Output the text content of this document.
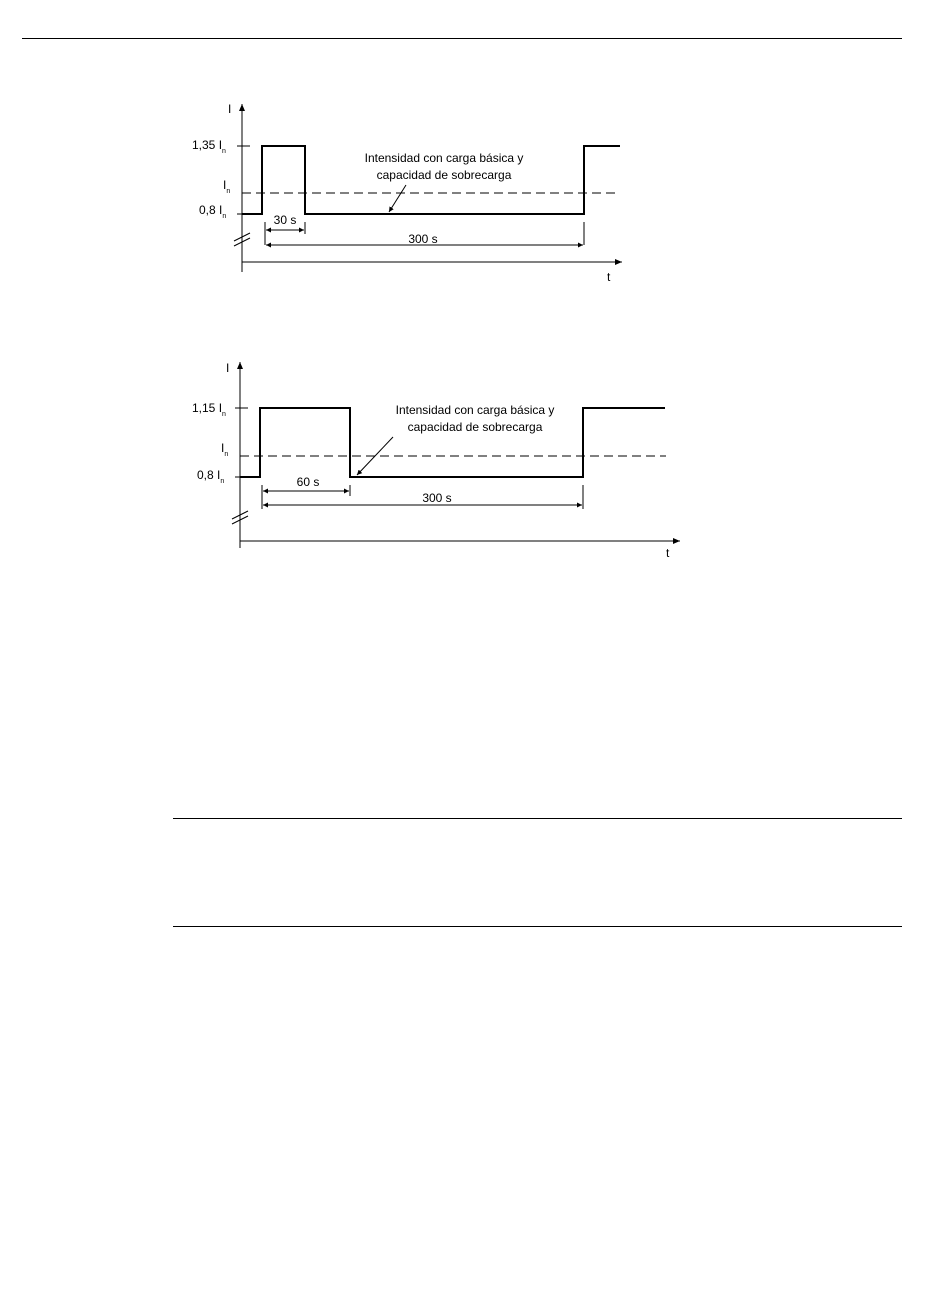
I
t
1,35 $I_n$
$I_n$
0,8 $I_n$
Intensidad con carga básica y
capacidad de sobrecarga
30 s
300 s
I
t
1,15 $I_n$
$I_n$
0,8 $I_n$
Intensidad con carga básica y
capacidad de sobrecarga
60 s
300 s
